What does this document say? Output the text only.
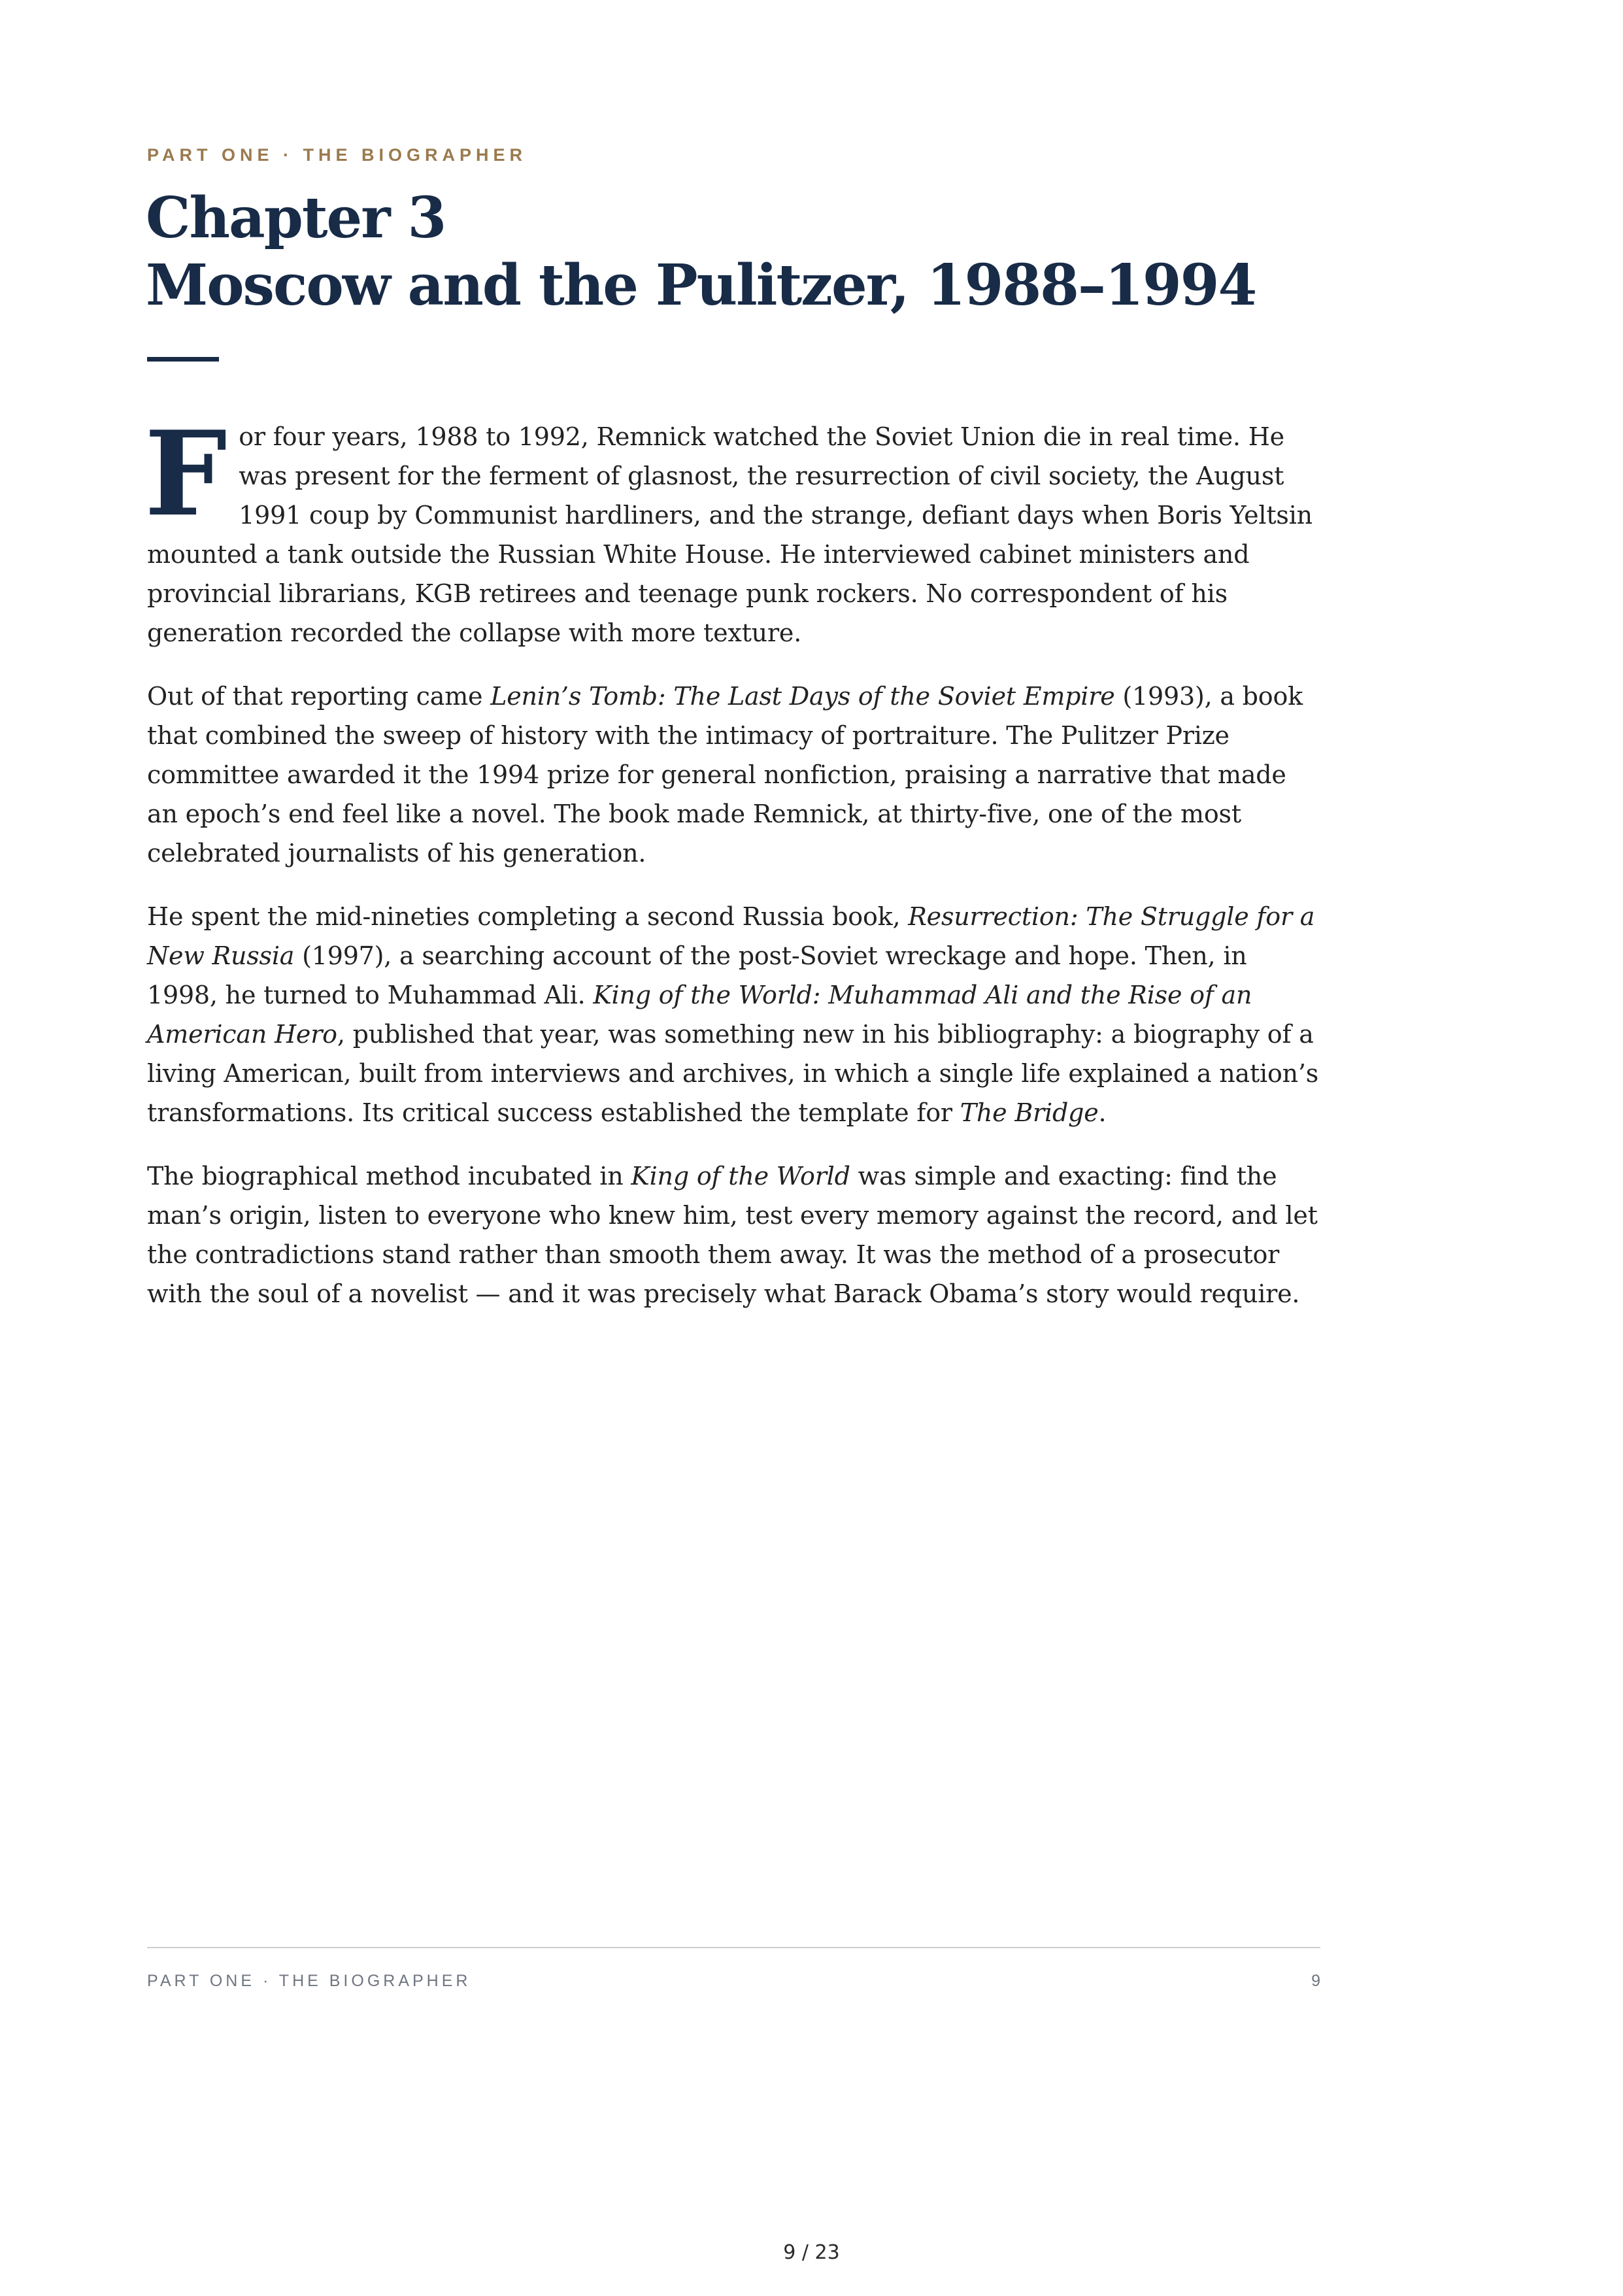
PART ONE · THE BIOGRAPHER
Chapter 3
Moscow and the Pulitzer, 1988–1994

For four years, 1988 to 1992, Remnick watched the Soviet Union die in real time. He was present for the ferment of glasnost, the resurrection of civil society, the August 1991 coup by Communist hardliners, and the strange, defiant days when Boris Yeltsin mounted a tank outside the Russian White House. He interviewed cabinet ministers and provincial librarians, KGB retirees and teenage punk rockers. No correspondent of his generation recorded the collapse with more texture.

Out of that reporting came Lenin’s Tomb: The Last Days of the Soviet Empire (1993), a book that combined the sweep of history with the intimacy of portraiture. The Pulitzer Prize committee awarded it the 1994 prize for general nonfiction, praising a narrative that made an epoch’s end feel like a novel. The book made Remnick, at thirty-five, one of the most celebrated journalists of his generation.

He spent the mid-nineties completing a second Russia book, Resurrection: The Struggle for a New Russia (1997), a searching account of the post-Soviet wreckage and hope. Then, in 1998, he turned to Muhammad Ali. King of the World: Muhammad Ali and the Rise of an American Hero, published that year, was something new in his bibliography: a biography of a living American, built from interviews and archives, in which a single life explained a nation’s transformations. Its critical success established the template for The Bridge.

The biographical method incubated in King of the World was simple and exacting: find the man’s origin, listen to everyone who knew him, test every memory against the record, and let the contradictions stand rather than smooth them away. It was the method of a prosecutor with the soul of a novelist — and it was precisely what Barack Obama’s story would require.

PART ONE · THE BIOGRAPHER	9
9 / 23
